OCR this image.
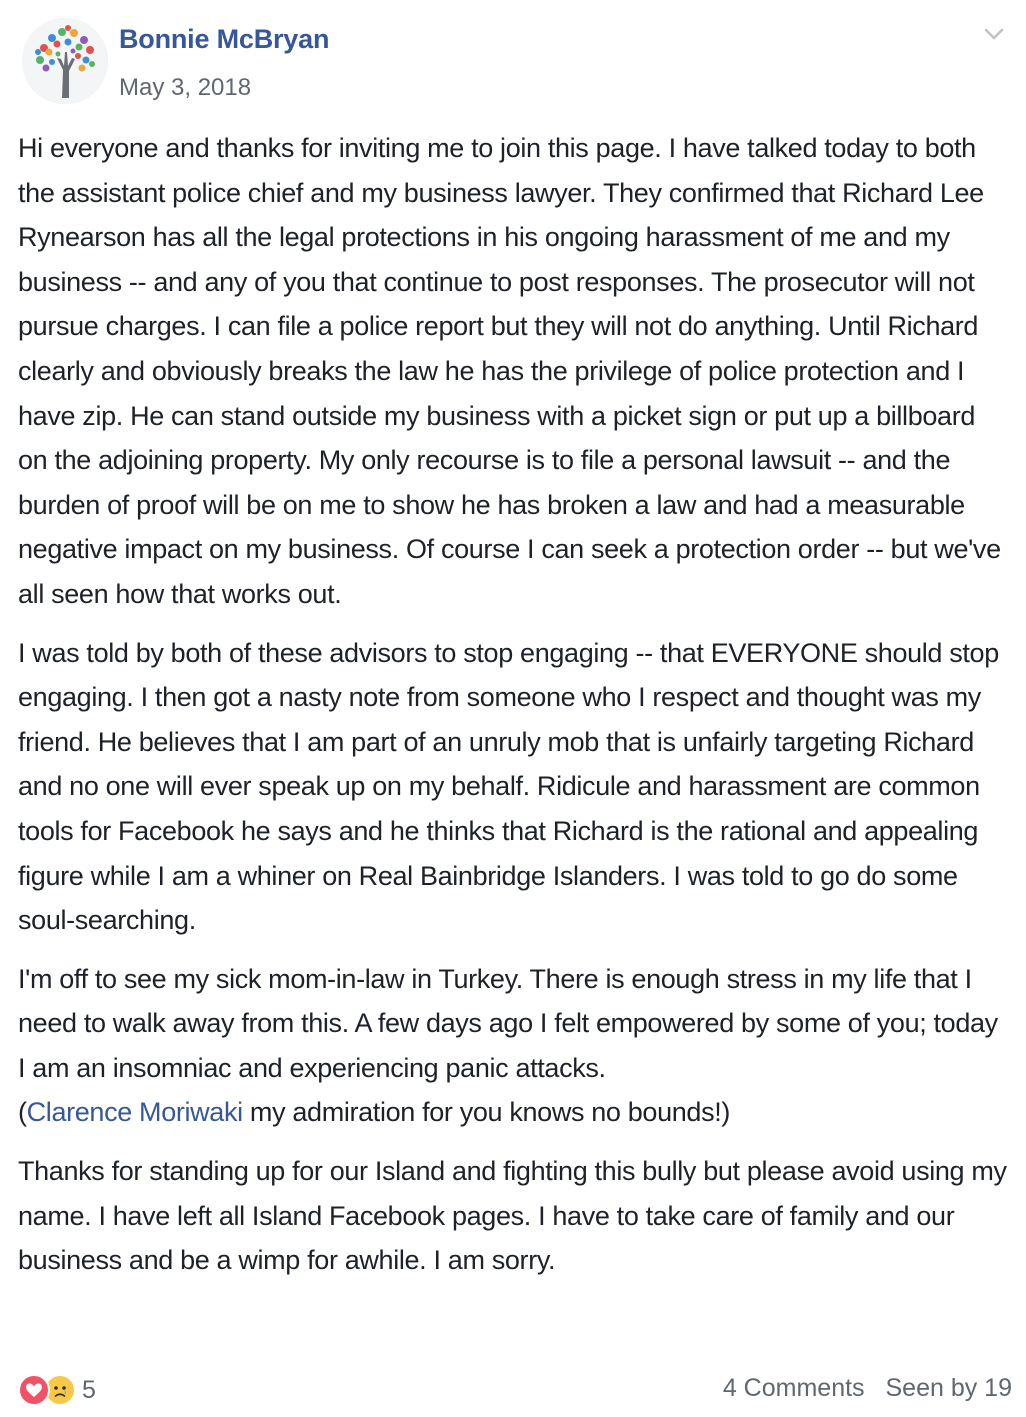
Bonnie McBryan
May 3, 2018

Hi everyone and thanks for inviting me to join this page. I have talked today to both the assistant police chief and my business lawyer. They confirmed that Richard Lee Rynearson has all the legal protections in his ongoing harassment of me and my business -- and any of you that continue to post responses. The prosecutor will not pursue charges. I can file a police report but they will not do anything. Until Richard clearly and obviously breaks the law he has the privilege of police protection and I have zip. He can stand outside my business with a picket sign or put up a billboard on the adjoining property. My only recourse is to file a personal lawsuit -- and the burden of proof will be on me to show he has broken a law and had a measurable negative impact on my business. Of course I can seek a protection order -- but we've all seen how that works out.

I was told by both of these advisors to stop engaging -- that EVERYONE should stop engaging. I then got a nasty note from someone who I respect and thought was my friend. He believes that I am part of an unruly mob that is unfairly targeting Richard and no one will ever speak up on my behalf. Ridicule and harassment are common tools for Facebook he says and he thinks that Richard is the rational and appealing figure while I am a whiner on Real Bainbridge Islanders. I was told to go do some soul-searching.

I'm off to see my sick mom-in-law in Turkey. There is enough stress in my life that I need to walk away from this. A few days ago I felt empowered by some of you; today I am an insomniac and experiencing panic attacks.
(Clarence Moriwaki my admiration for you knows no bounds!)

Thanks for standing up for our Island and fighting this bully but please avoid using my name. I have left all Island Facebook pages. I have to take care of family and our business and be a wimp for awhile. I am sorry.

5	4 Comments Seen by 19
